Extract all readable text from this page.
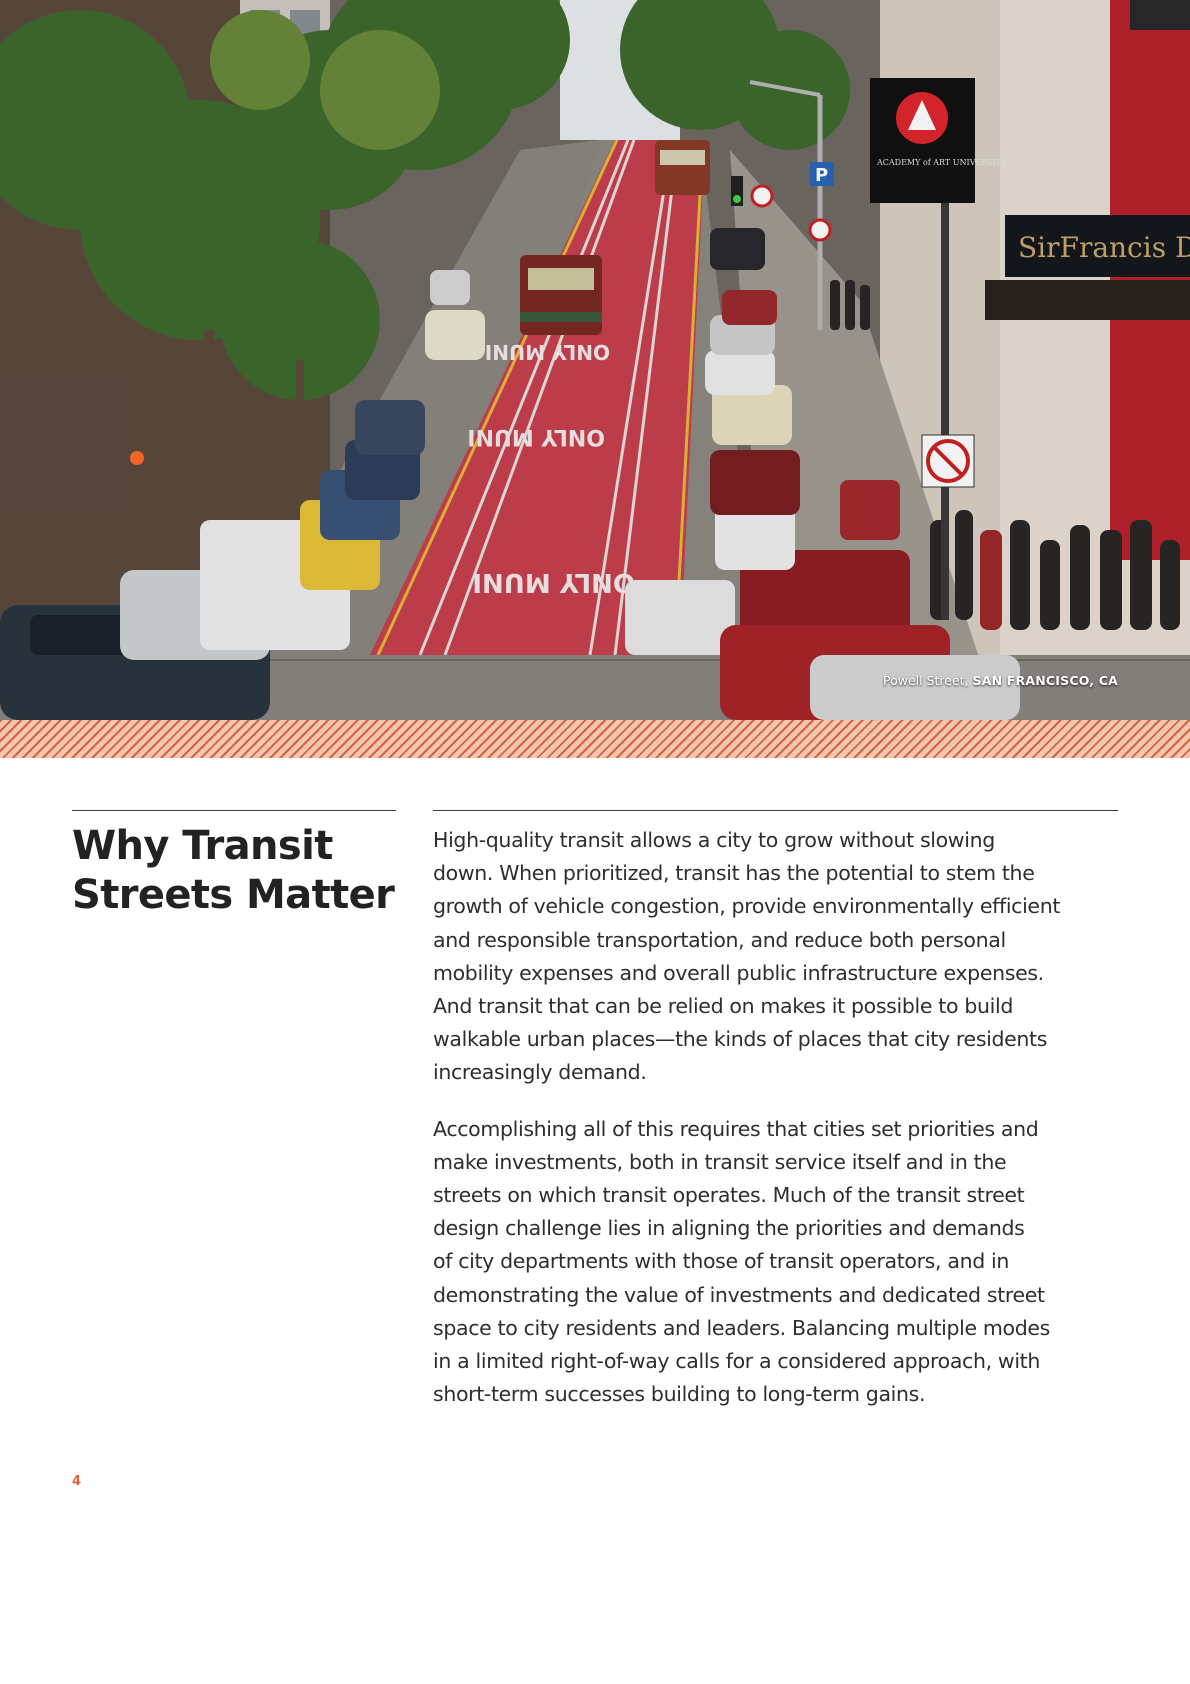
Powell Street, SAN FRANCISCO, CA
Why Transit Streets Matter

High-quality transit allows a city to grow without slowing
down. When prioritized, transit has the potential to stem the
growth of vehicle congestion, provide environmentally efficient
and responsible transportation, and reduce both personal
mobility expenses and overall public infrastructure expenses.
And transit that can be relied on makes it possible to build
walkable urban places—the kinds of places that city residents
increasingly demand.

Accomplishing all of this requires that cities set priorities and
make investments, both in transit service itself and in the
streets on which transit operates. Much of the transit street
design challenge lies in aligning the priorities and demands
of city departments with those of transit operators, and in
demonstrating the value of investments and dedicated street
space to city residents and leaders. Balancing multiple modes
in a limited right-of-way calls for a considered approach, with
short-term successes building to long-term gains.

4
